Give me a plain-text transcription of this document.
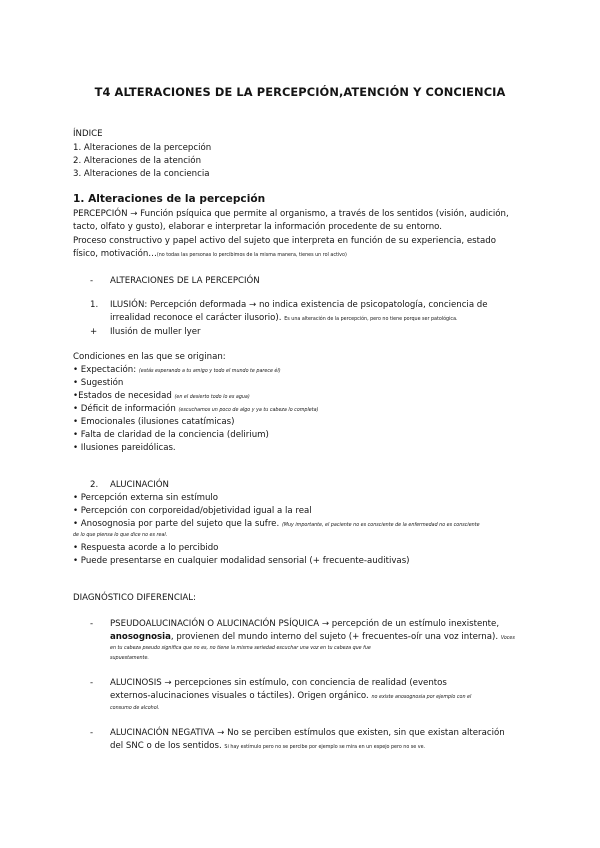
T4 ALTERACIONES DE LA PERCEPCIÓN,ATENCIÓN Y CONCIENCIA
ÍNDICE
1. Alteraciones de la percepción
2. Alteraciones de la atención
3. Alteraciones de la conciencia
1. Alteraciones de la percepción
PERCEPCIÓN → Función psíquica que permite al organismo, a través de los sentidos (visión, audición,
tacto, olfato y gusto), elaborar e interpretar la información procedente de su entorno.
Proceso constructivo y papel activo del sujeto que interpreta en función de su experiencia, estado
físico, motivación…(no todas las personas lo percibimos de la misma manera, tienes un rol activo)
- ALTERACIONES DE LA PERCEPCIÓN
1. ILUSIÓN: Percepción deformada → no indica existencia de psicopatología, conciencia de
irrealidad reconoce el carácter ilusorio). Es una alteración de la percepción, pero no tiene porque ser patológica.
+ Ilusión de muller lyer
Condiciones en las que se originan:
• Expectación: (estás esperando a tu amigo y todo el mundo te parece él)
• Sugestión
•Estados de necesidad (en el desierto todo lo es agua)
• Déficit de información (escuchamos un poco de algo y ya tu cabeza lo completa)
• Emocionales (ilusiones catatímicas)
• Falta de claridad de la conciencia (delirium)
• Ilusiones pareidólicas.
2. ALUCINACIÓN
• Percepción externa sin estímulo
• Percepción con corporeidad/objetividad igual a la real
• Anosognosia por parte del sujeto que la sufre. (Muy importante, el paciente no es consciente de la enfermedad no es consciente
de lo que piensa lo que dice no es real.
• Respuesta acorde a lo percibido
• Puede presentarse en cualquier modalidad sensorial (+ frecuente-auditivas)
DIAGNÓSTICO DIFERENCIAL:
- PSEUDOALUCINACIÓN O ALUCINACIÓN PSÍQUICA → percepción de un estímulo inexistente,
anosognosia, provienen del mundo interno del sujeto (+ frecuentes-oír una voz interna). Voces
en tu cabeza pseudo significa que no es, no tiene la misma seriedad escuchar una voz en tu cabeza que fue
supuestamente.
- ALUCINOSIS → percepciones sin estímulo, con conciencia de realidad (eventos
externos-alucinaciones visuales o táctiles). Origen orgánico. no existe anosognosia por ejemplo con el
consumo de alcohol.
- ALUCINACIÓN NEGATIVA → No se perciben estímulos que existen, sin que existan alteración
del SNC o de los sentidos. Si hay estímulo pero no se percibe por ejemplo se mira en un espejo pero no se ve.
